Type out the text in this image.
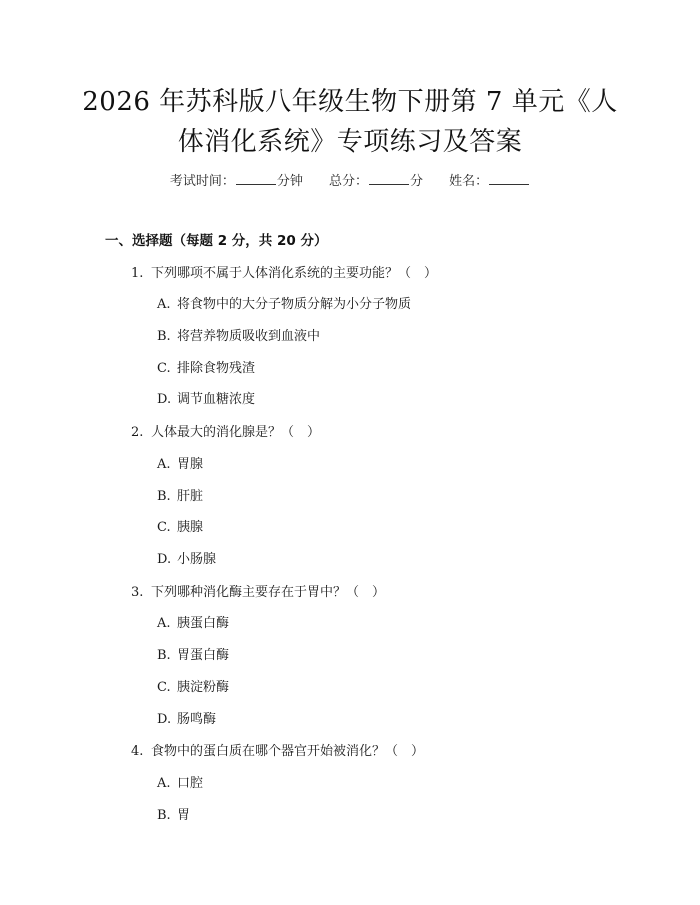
2026 年苏科版八年级生物下册第 7 单元《人
体消化系统》专项练习及答案
考试时间：	分钟 总分：	分 姓名：
一、选择题（每题 2 分，共 20 分）
1. 下列哪项不属于人体消化系统的主要功能？（　）
A. 将食物中的大分子物质分解为小分子物质
B. 将营养物质吸收到血液中
C. 排除食物残渣
D. 调节血糖浓度
2. 人体最大的消化腺是？（　）
A. 胃腺
B. 肝脏
C. 胰腺
D. 小肠腺
3. 下列哪种消化酶主要存在于胃中？（　）
A. 胰蛋白酶
B. 胃蛋白酶
C. 胰淀粉酶
D. 肠鸣酶
4. 食物中的蛋白质在哪个器官开始被消化？（　）
A. 口腔
B. 胃
